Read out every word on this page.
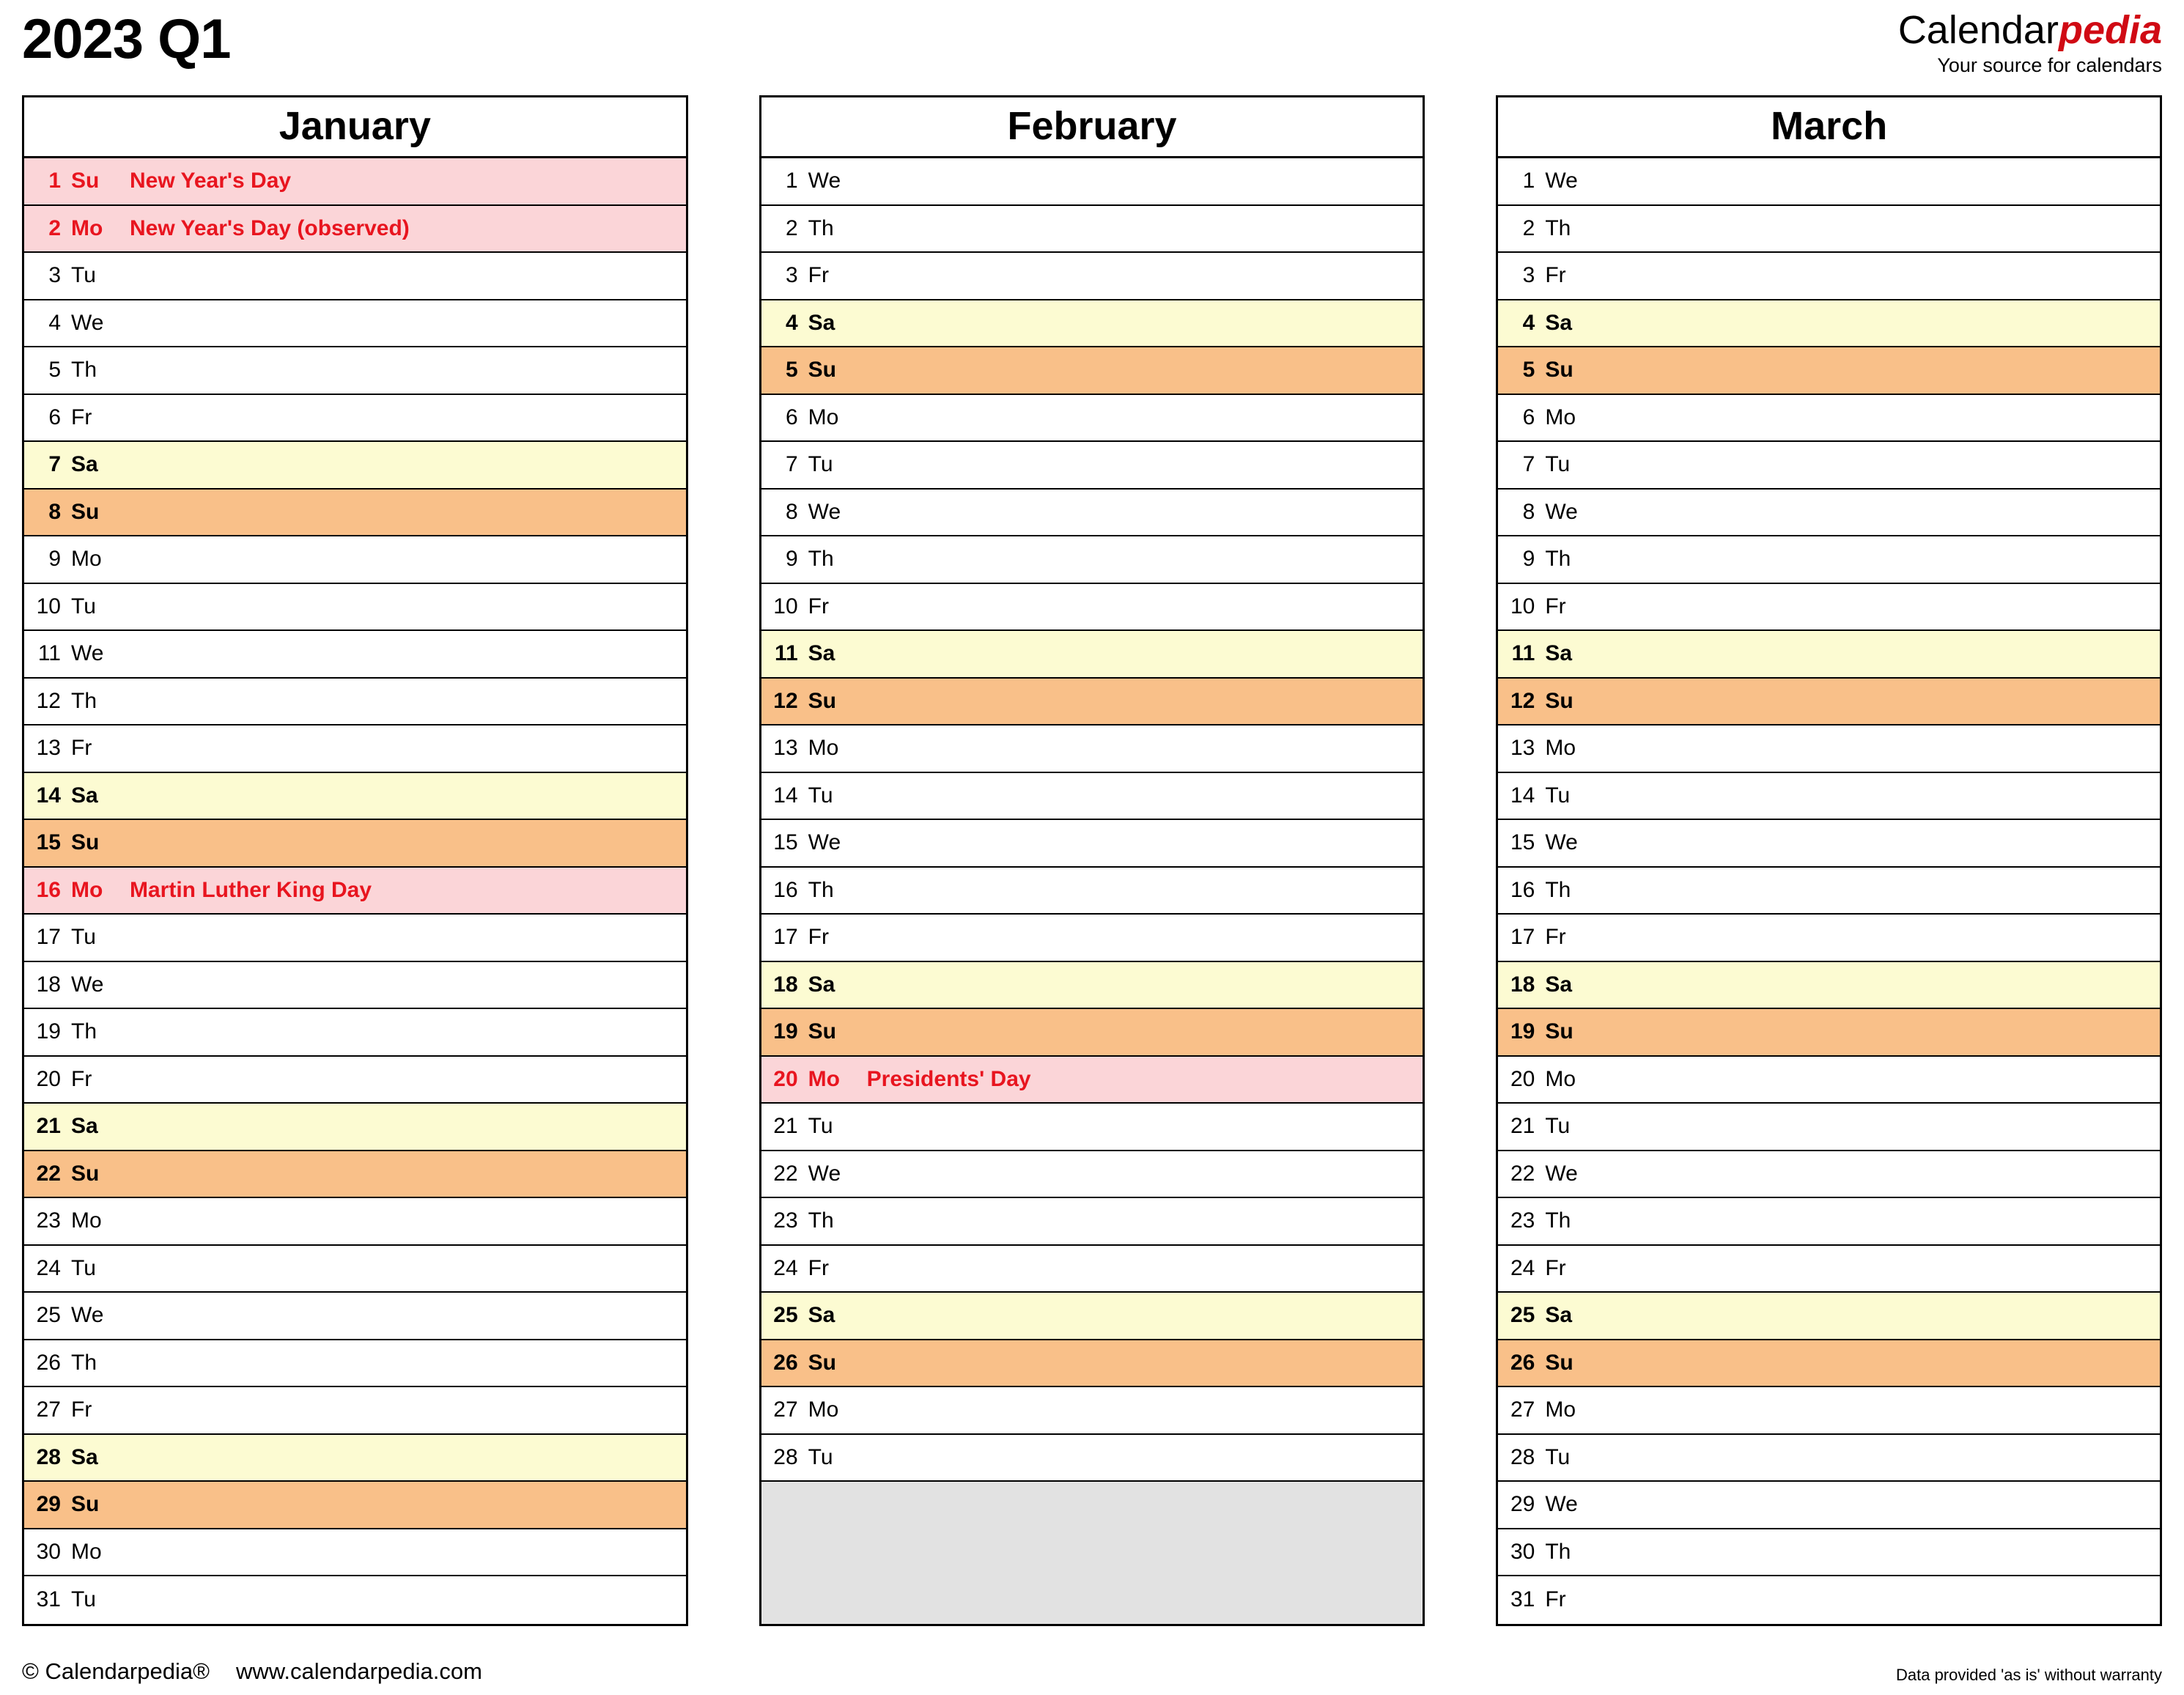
2023 Q1	Calendarpedia
Your source for calendars
January
1 Su	New Year's Day
2 Mo	New Year's Day (observed)
3 Tu
4 We
5 Th
6 Fr
7 Sa
8 Su
9 Mo
10 Tu
11 We
12 Th
13 Fr
14 Sa
15 Su
16 Mo	Martin Luther King Day
17 Tu
18 We
19 Th
20 Fr
21 Sa
22 Su
23 Mo
24 Tu
25 We
26 Th
27 Fr
28 Sa
29 Su
30 Mo
31 Tu
February
1 We
2 Th
3 Fr
4 Sa
5 Su
6 Mo
7 Tu
8 We
9 Th
10 Fr
11 Sa
12 Su
13 Mo
14 Tu
15 We
16 Th
17 Fr
18 Sa
19 Su
20 Mo	Presidents' Day
21 Tu
22 We
23 Th
24 Fr
25 Sa
26 Su
27 Mo
28 Tu
March
1 We
2 Th
3 Fr
4 Sa
5 Su
6 Mo
7 Tu
8 We
9 Th
10 Fr
11 Sa
12 Su
13 Mo
14 Tu
15 We
16 Th
17 Fr
18 Sa
19 Su
20 Mo
21 Tu
22 We
23 Th
24 Fr
25 Sa
26 Su
27 Mo
28 Tu
29 We
30 Th
31 Fr
© Calendarpedia® www.calendarpedia.com	Data provided 'as is' without warranty
